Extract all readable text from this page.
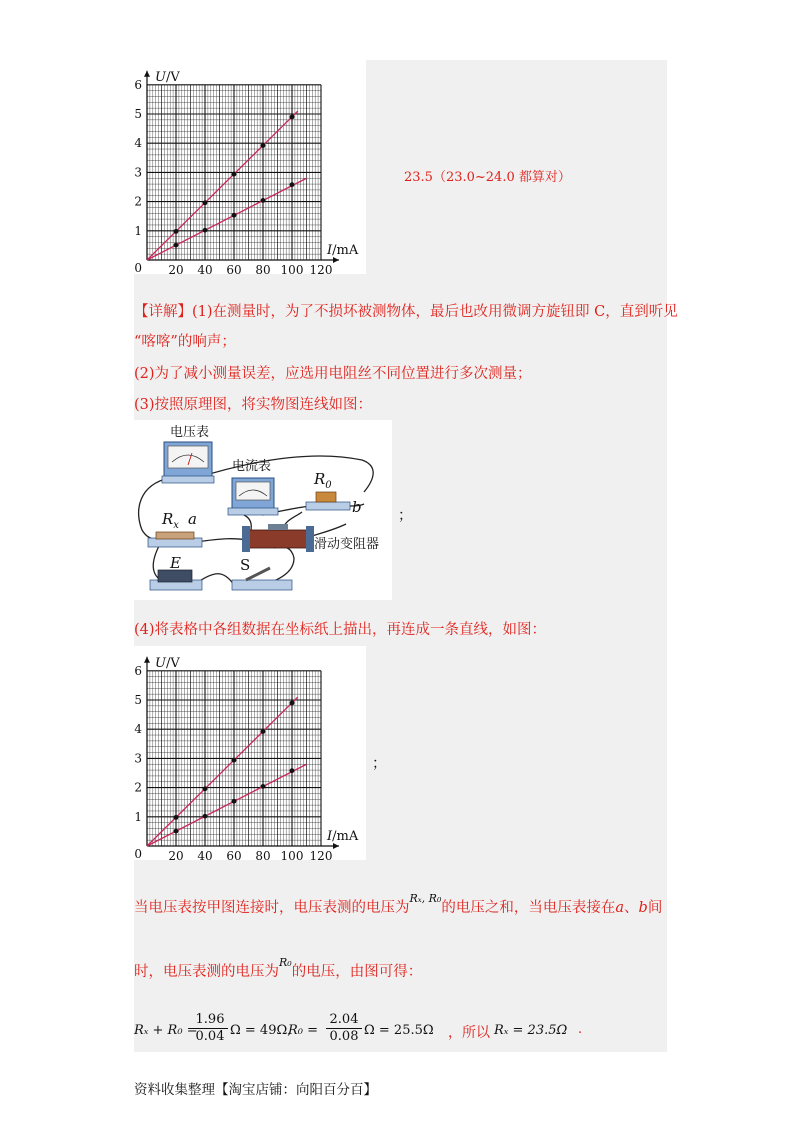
20 40 60 80 100 120
1
2
3
4
5
6
0
I/mA
U/V
23.5（23.0~24.0 都算对）
【详解】(1)在测量时，为了不损坏被测物体，最后也改用微调方旋钮即 C，直到听见
“喀喀”的响声；
(2)为了减小测量误差，应选用电阻丝不同位置进行多次测量；
(3)按照原理图，将实物图连线如图：
电压表
电流表
$R_0$
b
$R_x$ a
滑动变阻器
E	S
；
(4)将表格中各组数据在坐标纸上描出，再连成一条直线，如图：
20 40 60 80 100 120
1
2
3
4
5
6
0
I/mA
U/V
；
当电压表按甲图连接时，电压表测的电压为$^{R_x, R_0}$的电压之和，当电压表接在a、b间
时，电压表测的电压为$^{R_0}$的电压，由图可得：
Rₓ + R₀ =
$\frac{1.96}{0.04}$ Ω = 49Ω,
$R_0 = \frac{2.04}{0.08}$ Ω = 25.5Ω ，所以 Rₓ = 23.5Ω .
资料收集整理【淘宝店铺：向阳百分百】
